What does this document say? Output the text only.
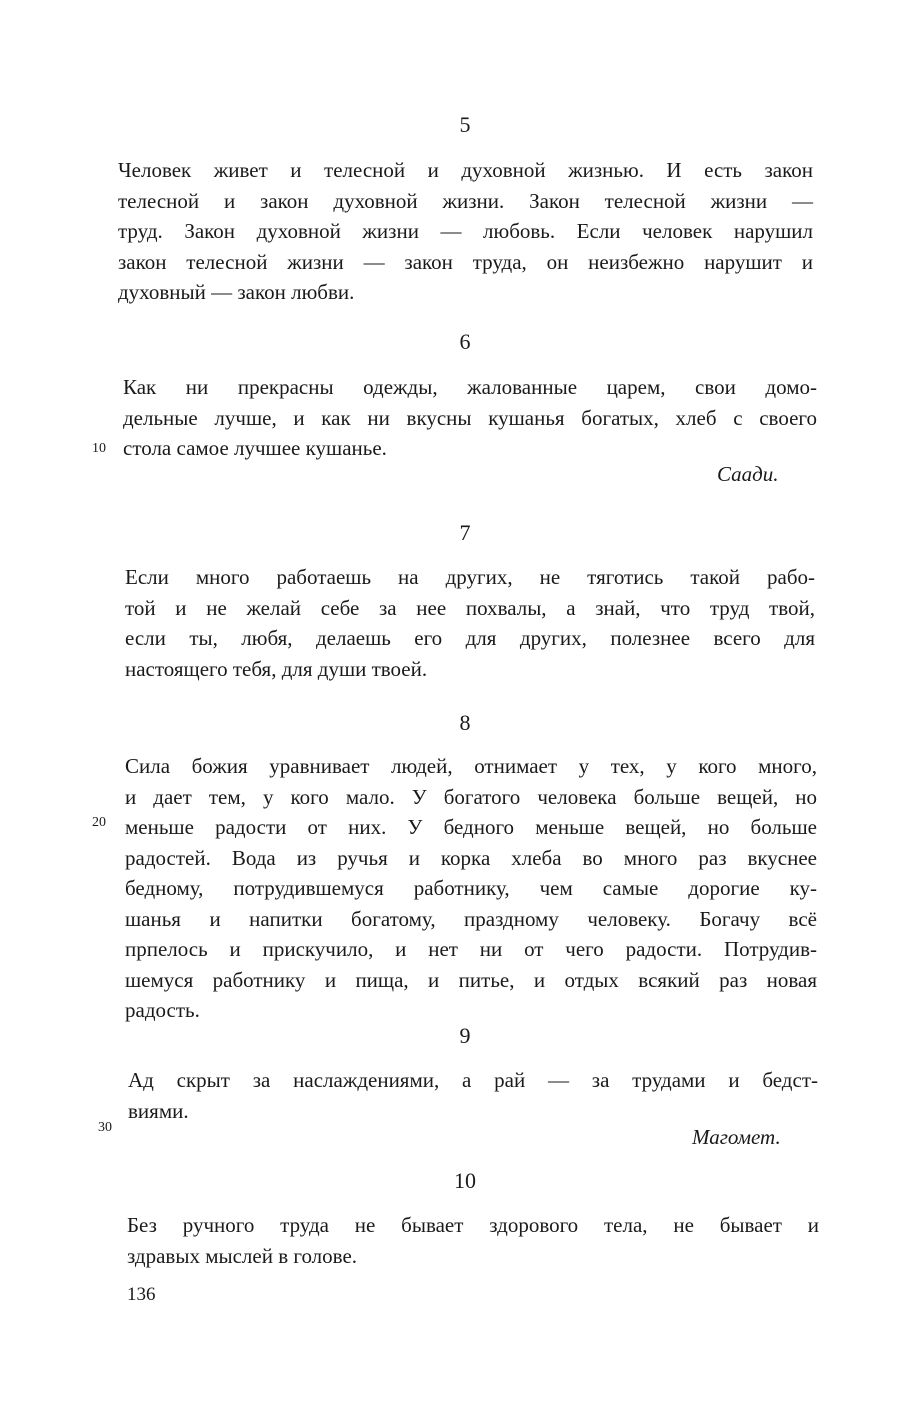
5
Человек живет и телесной и духовной жизнью. И есть закон
телесной и закон духовной жизни. Закон телесной жизни —
труд. Закон духовной жизни — любовь. Если человек нарушил
закон телесной жизни — закон труда, он неизбежно нарушит и
духовный — закон любви.
6
Как ни прекрасны одежды, жалованные царем, свои домо-
дельные лучше, и как ни вкусны кушанья богатых, хлеб с своего
стола самое лучшее кушанье.
10
Саади.
7
Если много работаешь на других, не тяготись такой рабо-
той и не желай себе за нее похвалы, а знай, что труд твой,
если ты, любя, делаешь его для других, полезнее всего для
настоящего тебя, для души твоей.
8
Сила божия уравнивает людей, отнимает у тех, у кого много,
и дает тем, у кого мало. У богатого человека больше вещей, но
меньше радости от них. У бедного меньше вещей, но больше
радостей. Вода из ручья и корка хлеба во много раз вкуснее
бедному, потрудившемуся работнику, чем самые дорогие ку-
шанья и напитки богатому, праздному человеку. Богачу всё
прпелось и прискучило, и нет ни от чего радости. Потрудив-
шемуся работнику и пища, и питье, и отдых всякий раз новая
радость.
20
9
Ад скрыт за наслаждениями, а рай — за трудами и бедст-
виями.
30	Магомет.
10
Без ручного труда не бывает здорового тела, не бывает и
здравых мыслей в голове.
136
